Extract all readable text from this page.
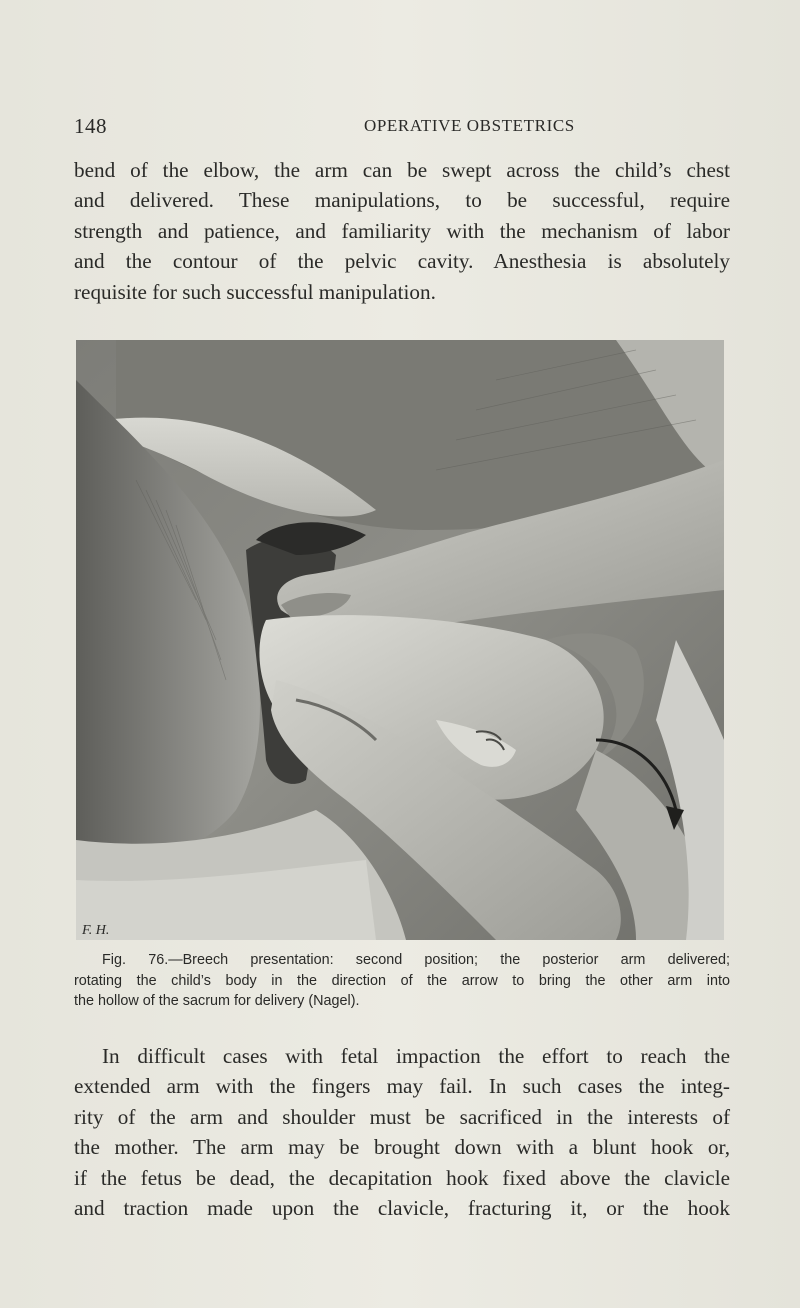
148	OPERATIVE OBSTETRICS

bend of the elbow, the arm can be swept across the child’s chest
and delivered. These manipulations, to be successful, require
strength and patience, and familiarity with the mechanism of labor
and the contour of the pelvic cavity. Anesthesia is absolutely
requisite for such successful manipulation.

F. H.

Fig. 76.—Breech presentation: second position; the posterior arm delivered;
rotating the child’s body in the direction of the arrow to bring the other arm into
the hollow of the sacrum for delivery (Nagel).

In difficult cases with fetal impaction the effort to reach the
extended arm with the fingers may fail. In such cases the integ-
rity of the arm and shoulder must be sacrificed in the interests of
the mother. The arm may be brought down with a blunt hook or,
if the fetus be dead, the decapitation hook fixed above the clavicle
and traction made upon the clavicle, fracturing it, or the hook
